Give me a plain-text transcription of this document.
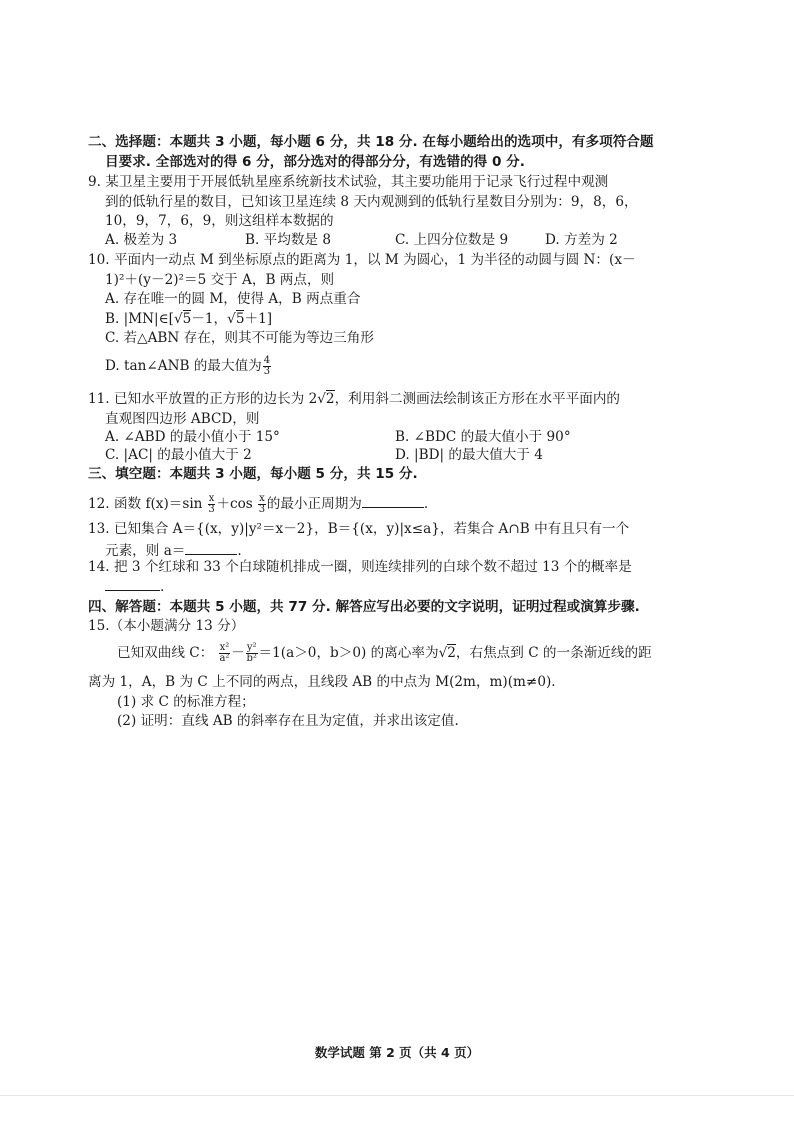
二、选择题：本题共 3 小题，每小题 6 分，共 18 分. 在每小题给出的选项中，有多项符合题
目要求. 全部选对的得 6 分，部分选对的得部分分，有选错的得 0 分.
9. 某卫星主要用于开展低轨星座系统新技术试验，其主要功能用于记录飞行过程中观测
到的低轨行星的数目，已知该卫星连续 8 天内观测到的低轨行星数目分别为：9，8，6，
10，9，7，6，9，则这组样本数据的
A. 极差为 3	B. 平均数是 8	C. 上四分位数是 9	D. 方差为 2
10. 平面内一动点 M 到坐标原点的距离为 1，以 M 为圆心，1 为半径的动圆与圆 N：(x－
1)²＋(y－2)²＝5 交于 A，B 两点，则
A. 存在唯一的圆 M，使得 A，B 两点重合
B. |MN|∈[√5－1，√5＋1]
C. 若△ABN 存在，则其不可能为等边三角形
D. tan∠ANB 的最大值为 $\frac{4}{3}$
11. 已知水平放置的正方形的边长为 2√2，利用斜二测画法绘制该正方形在水平平面内的
直观图四边形 ABCD，则
A. ∠ABD 的最小值小于 15°	B. ∠BDC 的最大值小于 90°
C. |AC| 的最小值大于 2	D. |BD| 的最大值大于 4
三、填空题：本题共 3 小题，每小题 5 分，共 15 分.
12. 函数 $f(x)=\sin \frac{x}{3} +\cos \frac{x}{3}$ 的最小正周期为	.
13. 已知集合 A＝{(x，y)|y²＝x－2}，B＝{(x，y)|x≤a}，若集合 A∩B 中有且只有一个
元素，则 a＝	.
14. 把 3 个红球和 33 个白球随机排成一圈，则连续排列的白球个数不超过 13 个的概率是
.
四、解答题：本题共 5 小题，共 77 分. 解答应写出必要的文字说明，证明过程或演算步骤.
15.（本小题满分 13 分）
已知双曲线 C： $\frac{\text{x²}}{\text{a²}} - \frac{\text{y²}}{\text{b²}} =1(a>0$，b＞0) 的离心率为√2，右焦点到 C 的一条渐近线的距
离为 1，A，B 为 C 上不同的两点，且线段 AB 的中点为 M(2m，m)(m≠0).
(1) 求 C 的标准方程；
(2) 证明：直线 AB 的斜率存在且为定值，并求出该定值.
数学试题 第 2 页（共 4 页）
